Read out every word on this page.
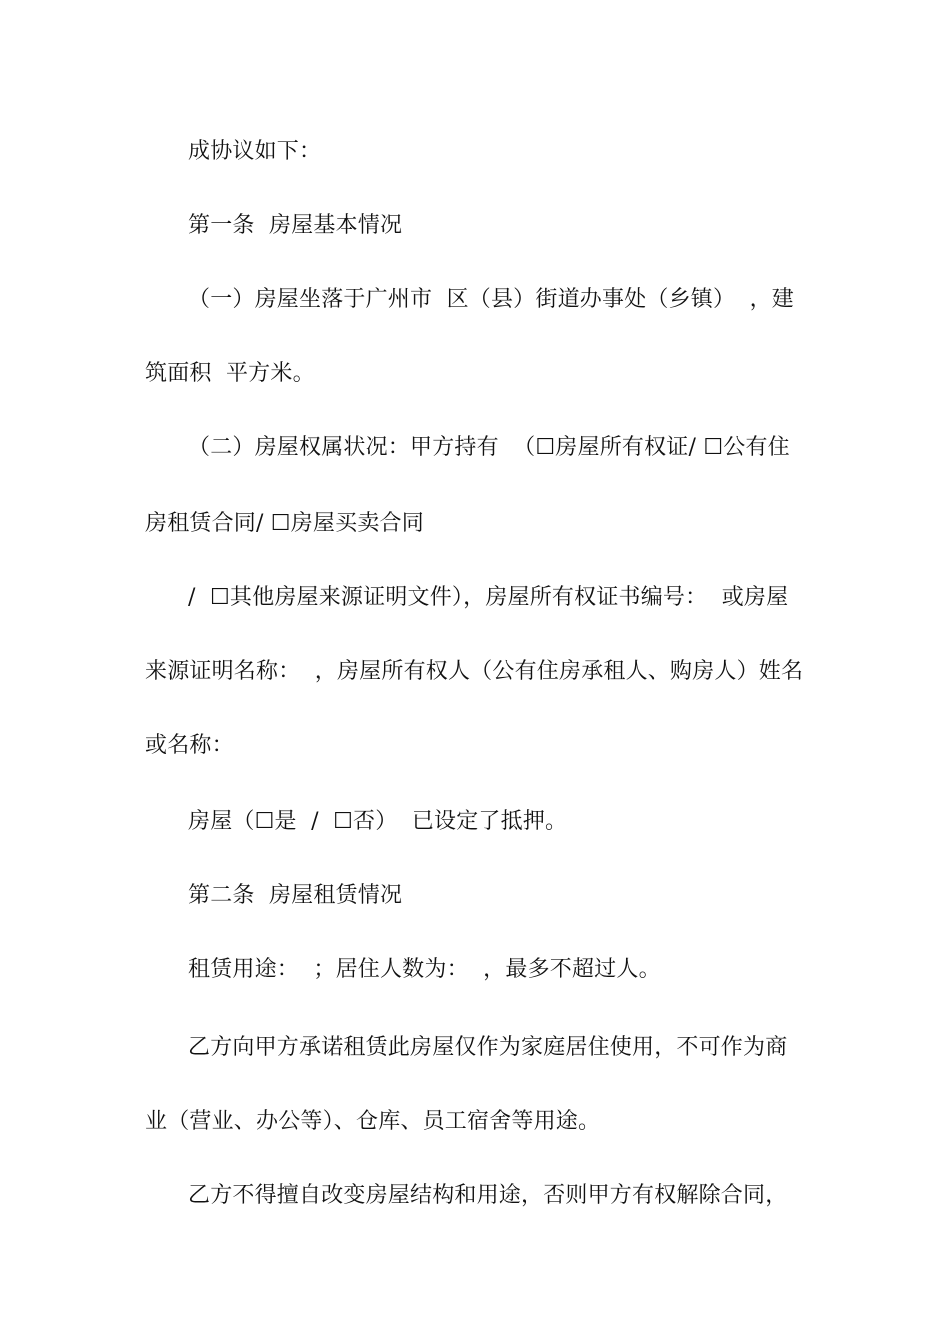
成协议如下：
第一条  房屋基本情况
（一）房屋坐落于广州市  区（县）街道办事处（乡镇）  ，建
筑面积  平方米。
（二）房屋权属状况：甲方持有  （☐房屋所有权证/ ☐公有住
房租赁合同/ ☐房屋买卖合同
/  ☐其他房屋来源证明文件），房屋所有权证书编号：  或房屋
来源证明名称：  ，房屋所有权人（公有住房承租人、购房人）姓名
或名称：
房屋（☐是  /  ☐否）  已设定了抵押。
第二条  房屋租赁情况
租赁用途：  ；居住人数为：  ，最多不超过人。
乙方向甲方承诺租赁此房屋仅作为家庭居住使用，不可作为商
业（营业、办公等）、仓库、员工宿舍等用途。
乙方不得擅自改变房屋结构和用途，否则甲方有权解除合同，
